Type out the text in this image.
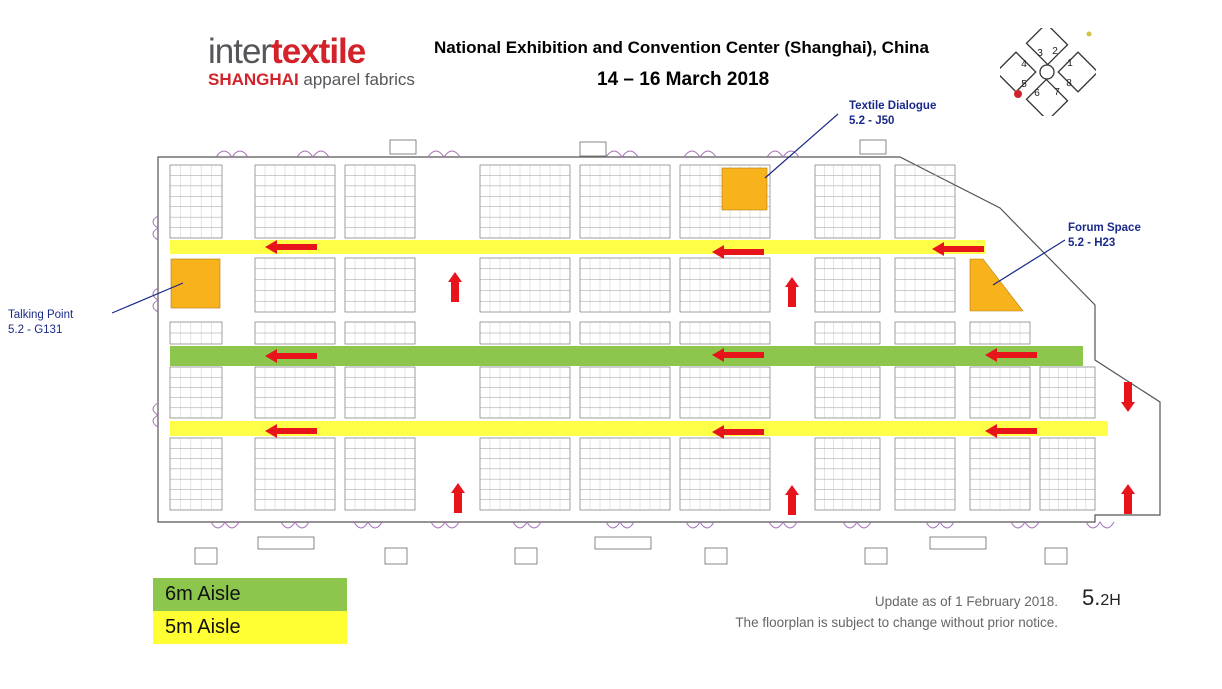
intertextile
SHANGHAI apparel fabrics
National Exhibition and Convention Center (Shanghai), China
14 – 16 March 2018
3 2
4	1
5	8
6 7
Textile Dialogue
5.2 - J50
Forum Space
5.2 - H23
Talking Point
5.2 - G131
6m Aisle
5m Aisle
Update as of 1 February 2018.
The floorplan is subject to change without prior notice.
5.2H
